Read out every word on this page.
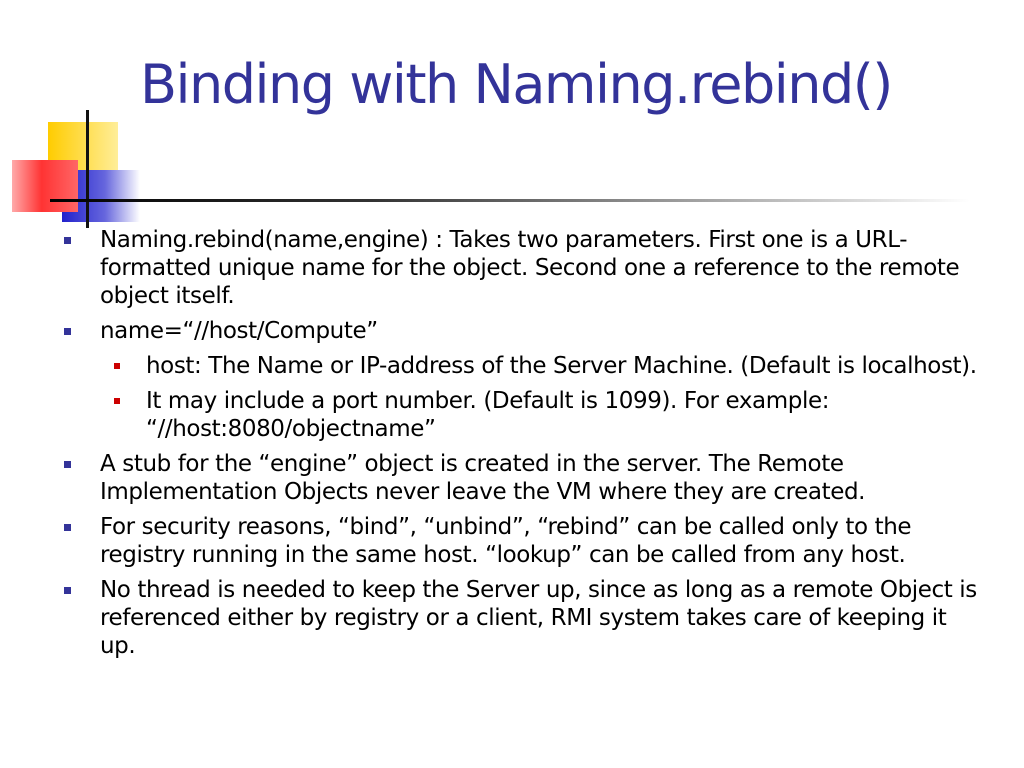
Binding with Naming.rebind()
Naming.rebind(name,engine) : Takes two parameters. First one is a URL-formatted unique name for the object. Second one a reference to the remote object itself.
name=“//host/Compute”
host: The Name or IP-address of the Server Machine. (Default is localhost).
It may include a port number. (Default is 1099). For example: “//host:8080/objectname”
A stub for the “engine” object is created in the server. The Remote Implementation Objects never leave the VM where they are created.
For security reasons, “bind”, “unbind”, “rebind” can be called only to the registry running in the same host. “lookup” can be called from any host.
No thread is needed to keep the Server up, since as long as a remote Object is referenced either by registry or a client, RMI system takes care of keeping it up.
